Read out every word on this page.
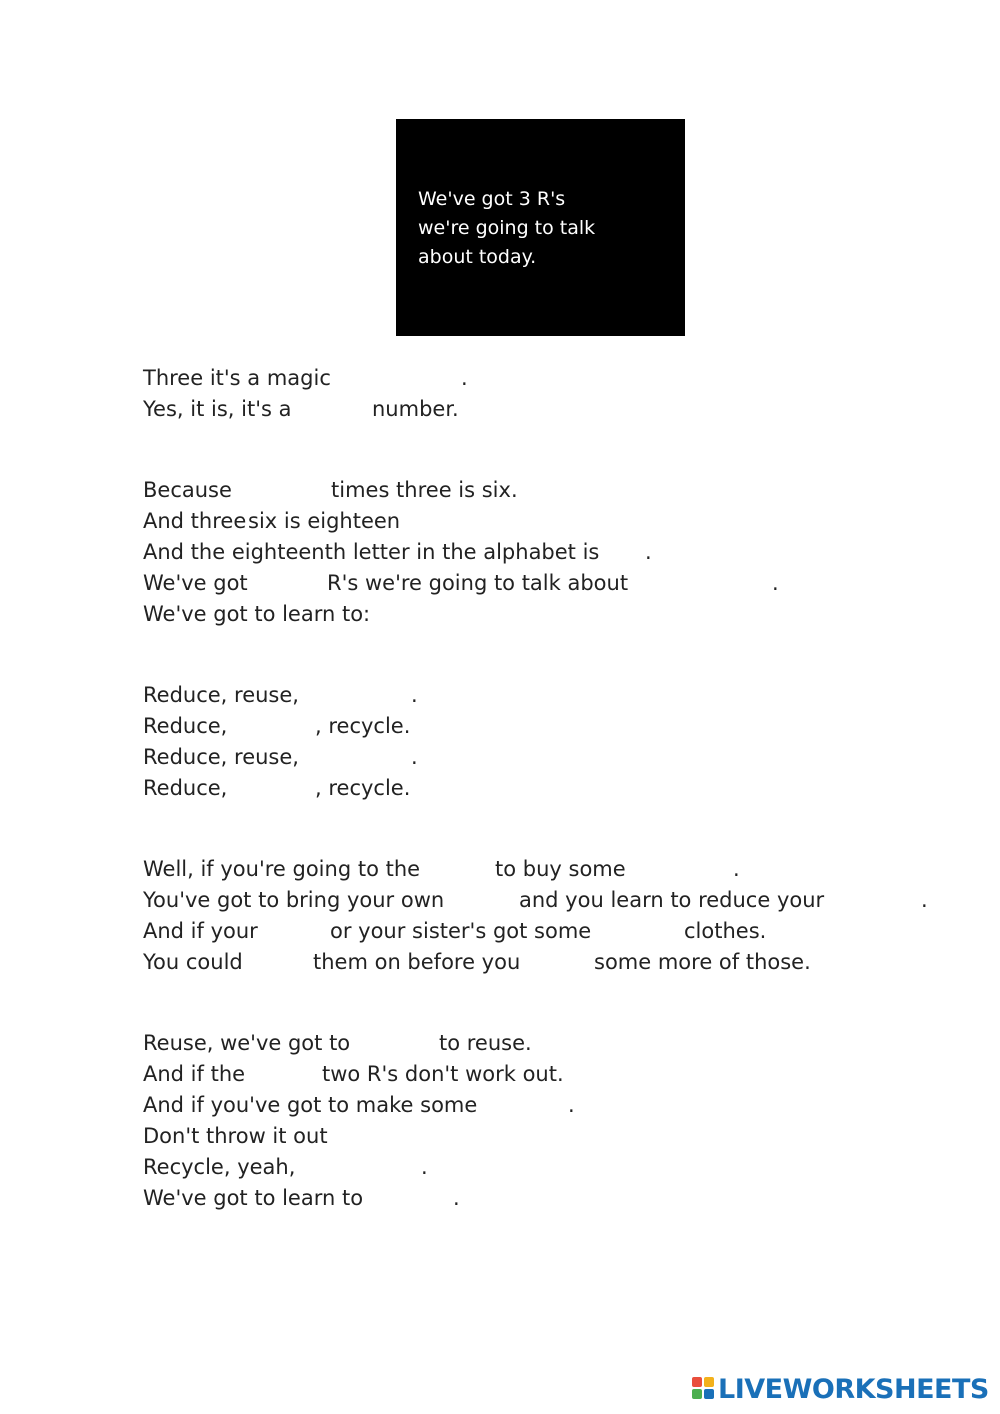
We've got 3 R's
we're going to talk
about today.
Three it's a magic	.
Yes, it is, it's a	number.
Because	times three is six.
And three six is eighteen
And the eighteenth letter in the alphabet is .
We've got	R's we're going to talk about	.
We've got to learn to:
Reduce, reuse,	.
Reduce,	, recycle.
Reduce, reuse,	.
Reduce,	, recycle.
Well, if you're going to the	to buy some	.
You've got to bring your own	and you learn to reduce your	.
And if your	or your sister's got some	clothes.
You could	them on before you	some more of those.
Reuse, we've got to	to reuse.
And if the	two R's don't work out.
And if you've got to make some	.
Don't throw it out
Recycle, yeah,	.
We've got to learn to	.
LIVEWORKSHEETS
